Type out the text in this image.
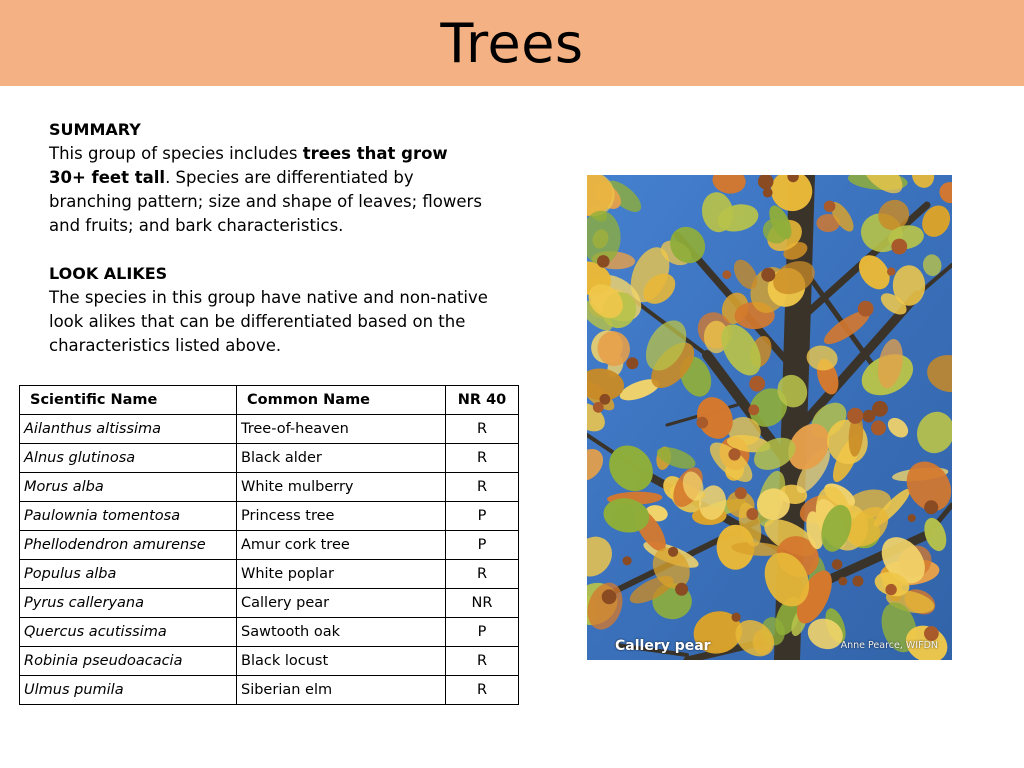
Trees

SUMMARY

This group of species includes trees that grow 30+ feet tall. Species are differentiated by branching pattern; size and shape of leaves; flowers and fruits; and bark characteristics.

LOOK ALIKES

The species in this group have native and non-native look alikes that can be differentiated based on the characteristics listed above.

Scientific Name	Common Name	NR 40
Ailanthus altissima	Tree-of-heaven	R
Alnus glutinosa	Black alder	R
Morus alba	White mulberry	R
Paulownia tomentosa	Princess tree	P
Phellodendron amurense	Amur cork tree	P
Populus alba	White poplar	R
Pyrus calleryana	Callery pear	NR
Quercus acutissima	Sawtooth oak	P
Robinia pseudoacacia	Black locust	R
Ulmus pumila	Siberian elm	R
Callery pear	Anne Pearce, WIFDN
